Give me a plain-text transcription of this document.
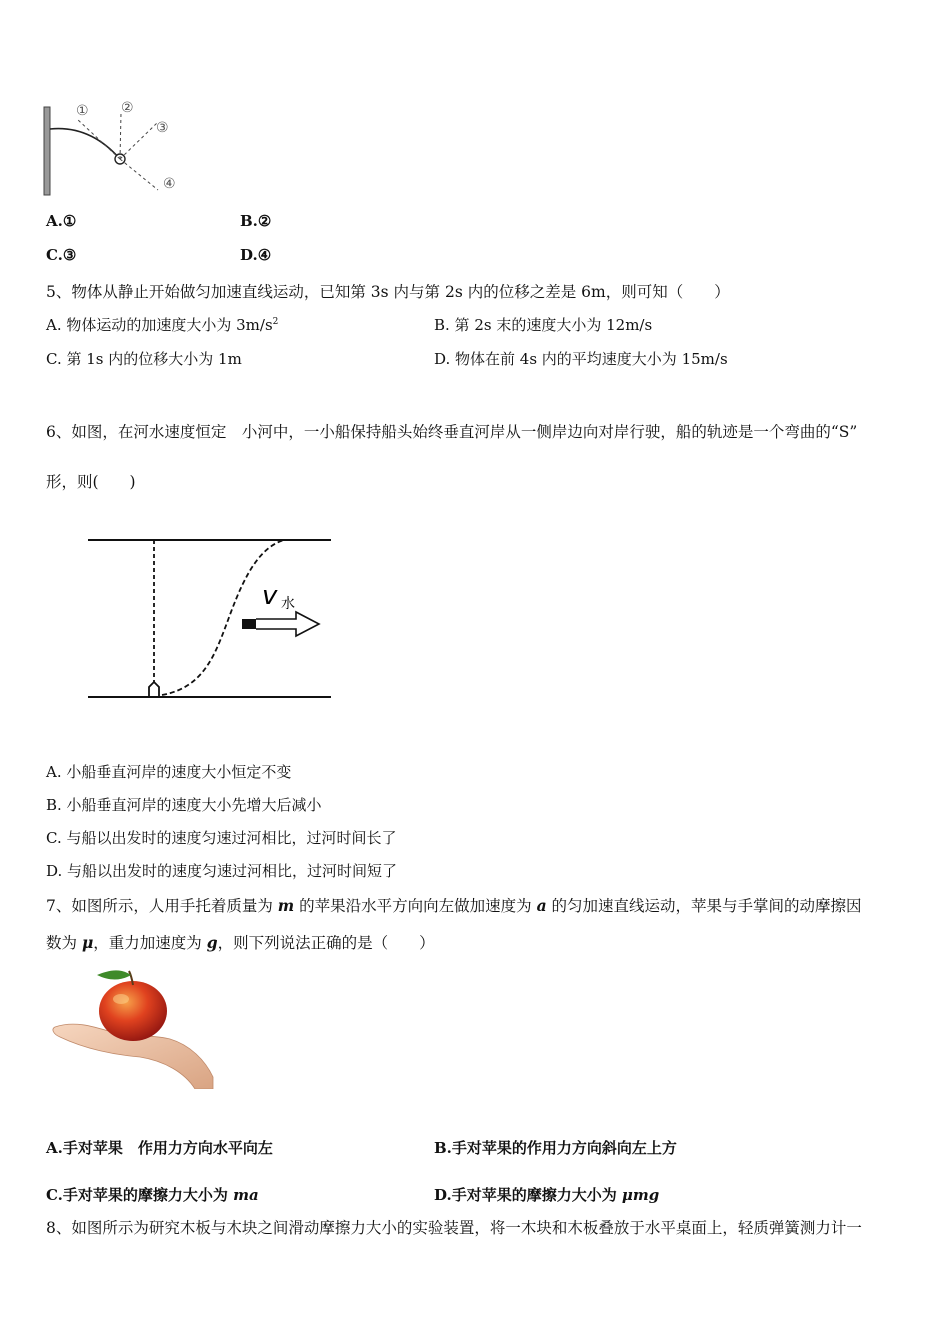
① ②
③
④
A.①	B.②
C.③	D.④
5、物体从静止开始做匀加速直线运动，已知第 3s 内与第 2s 内的位移之差是 6m，则可知（　　）
A. 物体运动的加速度大小为 $3m/s^2$	B. 第 2s 末的速度大小为 12m/s
C. 第 1s 内的位移大小为 1m	D. 物体在前 4s 内的平均速度大小为 15m/s
6、如图，在河水速度恒定　小河中，一小船保持船头始终垂直河岸从一侧岸边向对岸行驶，船的轨迹是一个弯曲的“S”
形，则(　　)
v 水
A. 小船垂直河岸的速度大小恒定不变
B. 小船垂直河岸的速度大小先增大后减小
C. 与船以出发时的速度匀速过河相比，过河时间长了
D. 与船以出发时的速度匀速过河相比，过河时间短了
7、如图所示，人用手托着质量为 m 的苹果沿水平方向向左做加速度为 a 的匀加速直线运动，苹果与手掌间的动摩擦因
数为 μ，重力加速度为 g，则下列说法正确的是（　　）
A.手对苹果　作用力方向水平向左	B.手对苹果的作用力方向斜向左上方
C.手对苹果的摩擦力大小为 ma	D.手对苹果的摩擦力大小为 μmg
8、如图所示为研究木板与木块之间滑动摩擦力大小的实验装置，将一木块和木板叠放于水平桌面上，轻质弹簧测力计一
